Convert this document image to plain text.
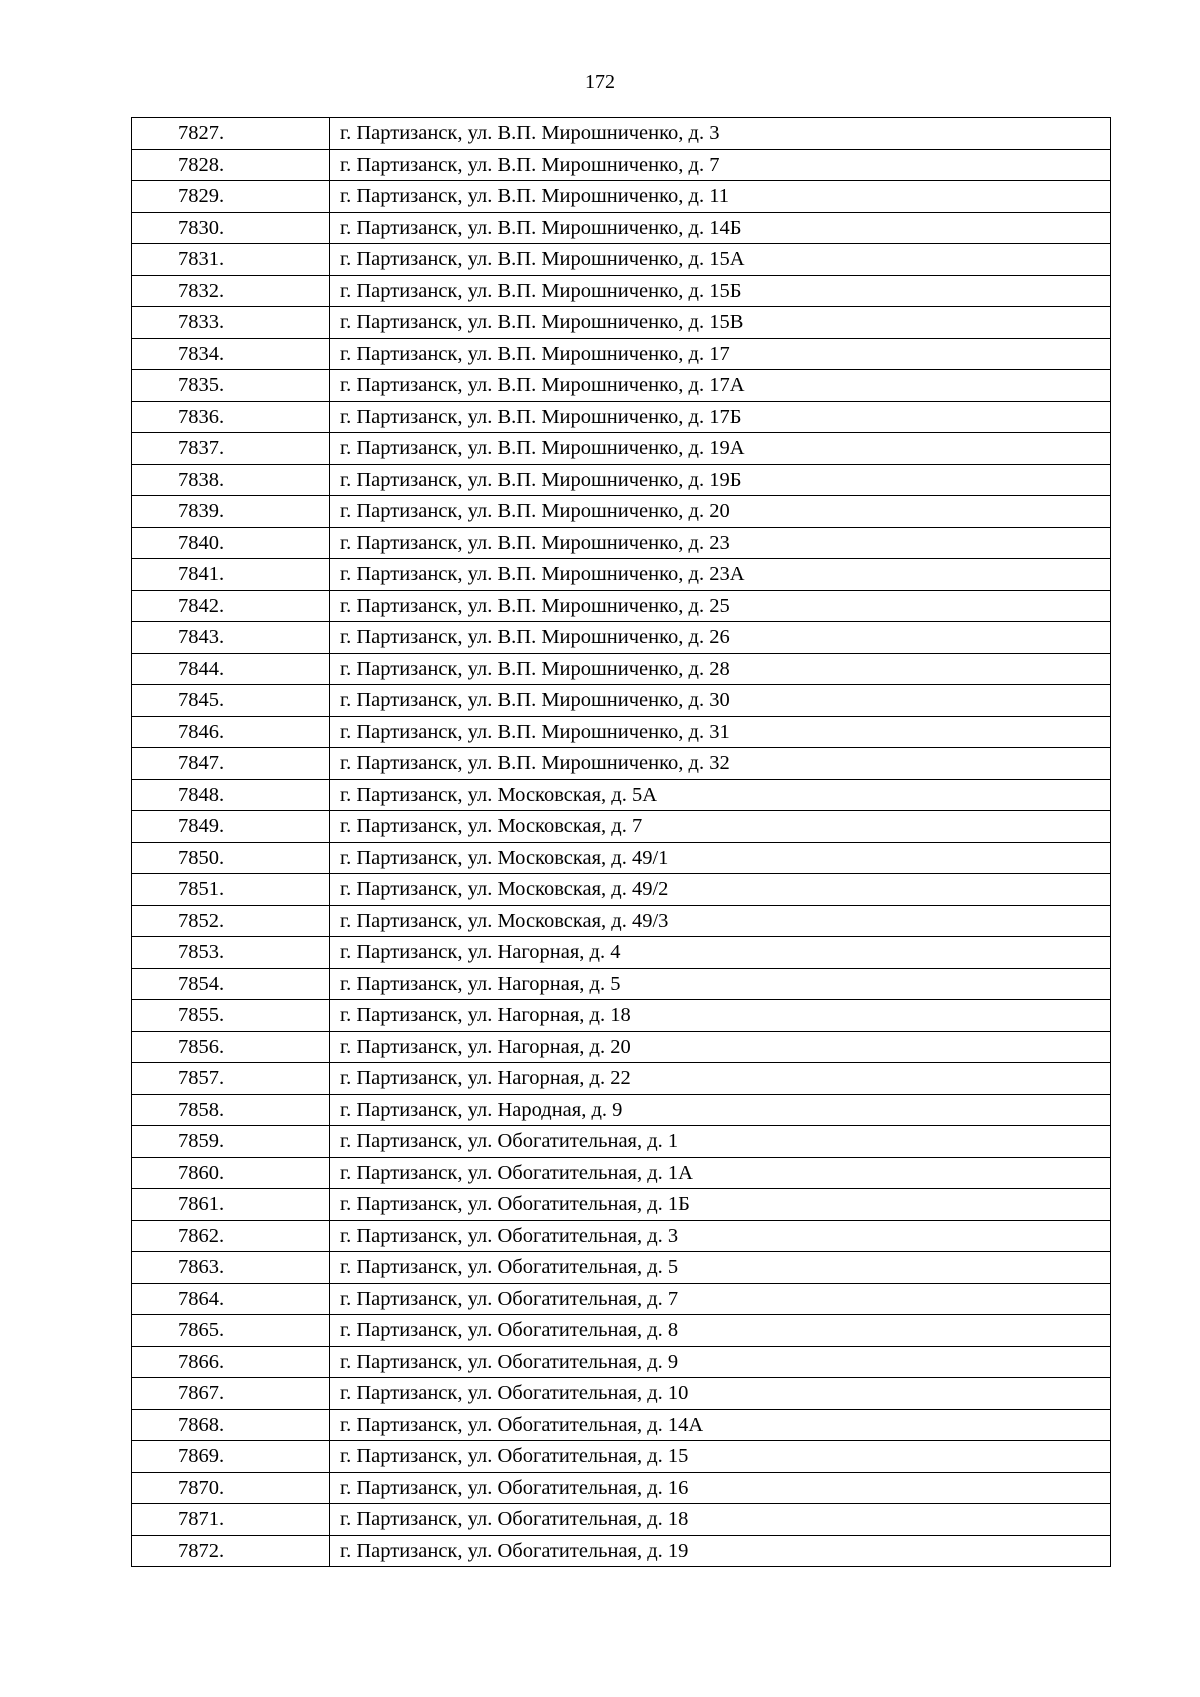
172
7827.	г. Партизанск, ул. В.П. Мирошниченко, д. 3
7828.	г. Партизанск, ул. В.П. Мирошниченко, д. 7
7829.	г. Партизанск, ул. В.П. Мирошниченко, д. 11
7830.	г. Партизанск, ул. В.П. Мирошниченко, д. 14Б
7831.	г. Партизанск, ул. В.П. Мирошниченко, д. 15А
7832.	г. Партизанск, ул. В.П. Мирошниченко, д. 15Б
7833.	г. Партизанск, ул. В.П. Мирошниченко, д. 15В
7834.	г. Партизанск, ул. В.П. Мирошниченко, д. 17
7835.	г. Партизанск, ул. В.П. Мирошниченко, д. 17А
7836.	г. Партизанск, ул. В.П. Мирошниченко, д. 17Б
7837.	г. Партизанск, ул. В.П. Мирошниченко, д. 19А
7838.	г. Партизанск, ул. В.П. Мирошниченко, д. 19Б
7839.	г. Партизанск, ул. В.П. Мирошниченко, д. 20
7840.	г. Партизанск, ул. В.П. Мирошниченко, д. 23
7841.	г. Партизанск, ул. В.П. Мирошниченко, д. 23А
7842.	г. Партизанск, ул. В.П. Мирошниченко, д. 25
7843.	г. Партизанск, ул. В.П. Мирошниченко, д. 26
7844.	г. Партизанск, ул. В.П. Мирошниченко, д. 28
7845.	г. Партизанск, ул. В.П. Мирошниченко, д. 30
7846.	г. Партизанск, ул. В.П. Мирошниченко, д. 31
7847.	г. Партизанск, ул. В.П. Мирошниченко, д. 32
7848.	г. Партизанск, ул. Московская, д. 5А
7849.	г. Партизанск, ул. Московская, д. 7
7850.	г. Партизанск, ул. Московская, д. 49/1
7851.	г. Партизанск, ул. Московская, д. 49/2
7852.	г. Партизанск, ул. Московская, д. 49/3
7853.	г. Партизанск, ул. Нагорная, д. 4
7854.	г. Партизанск, ул. Нагорная, д. 5
7855.	г. Партизанск, ул. Нагорная, д. 18
7856.	г. Партизанск, ул. Нагорная, д. 20
7857.	г. Партизанск, ул. Нагорная, д. 22
7858.	г. Партизанск, ул. Народная, д. 9
7859.	г. Партизанск, ул. Обогатительная, д. 1
7860.	г. Партизанск, ул. Обогатительная, д. 1А
7861.	г. Партизанск, ул. Обогатительная, д. 1Б
7862.	г. Партизанск, ул. Обогатительная, д. 3
7863.	г. Партизанск, ул. Обогатительная, д. 5
7864.	г. Партизанск, ул. Обогатительная, д. 7
7865.	г. Партизанск, ул. Обогатительная, д. 8
7866.	г. Партизанск, ул. Обогатительная, д. 9
7867.	г. Партизанск, ул. Обогатительная, д. 10
7868.	г. Партизанск, ул. Обогатительная, д. 14А
7869.	г. Партизанск, ул. Обогатительная, д. 15
7870.	г. Партизанск, ул. Обогатительная, д. 16
7871.	г. Партизанск, ул. Обогатительная, д. 18
7872.	г. Партизанск, ул. Обогатительная, д. 19
